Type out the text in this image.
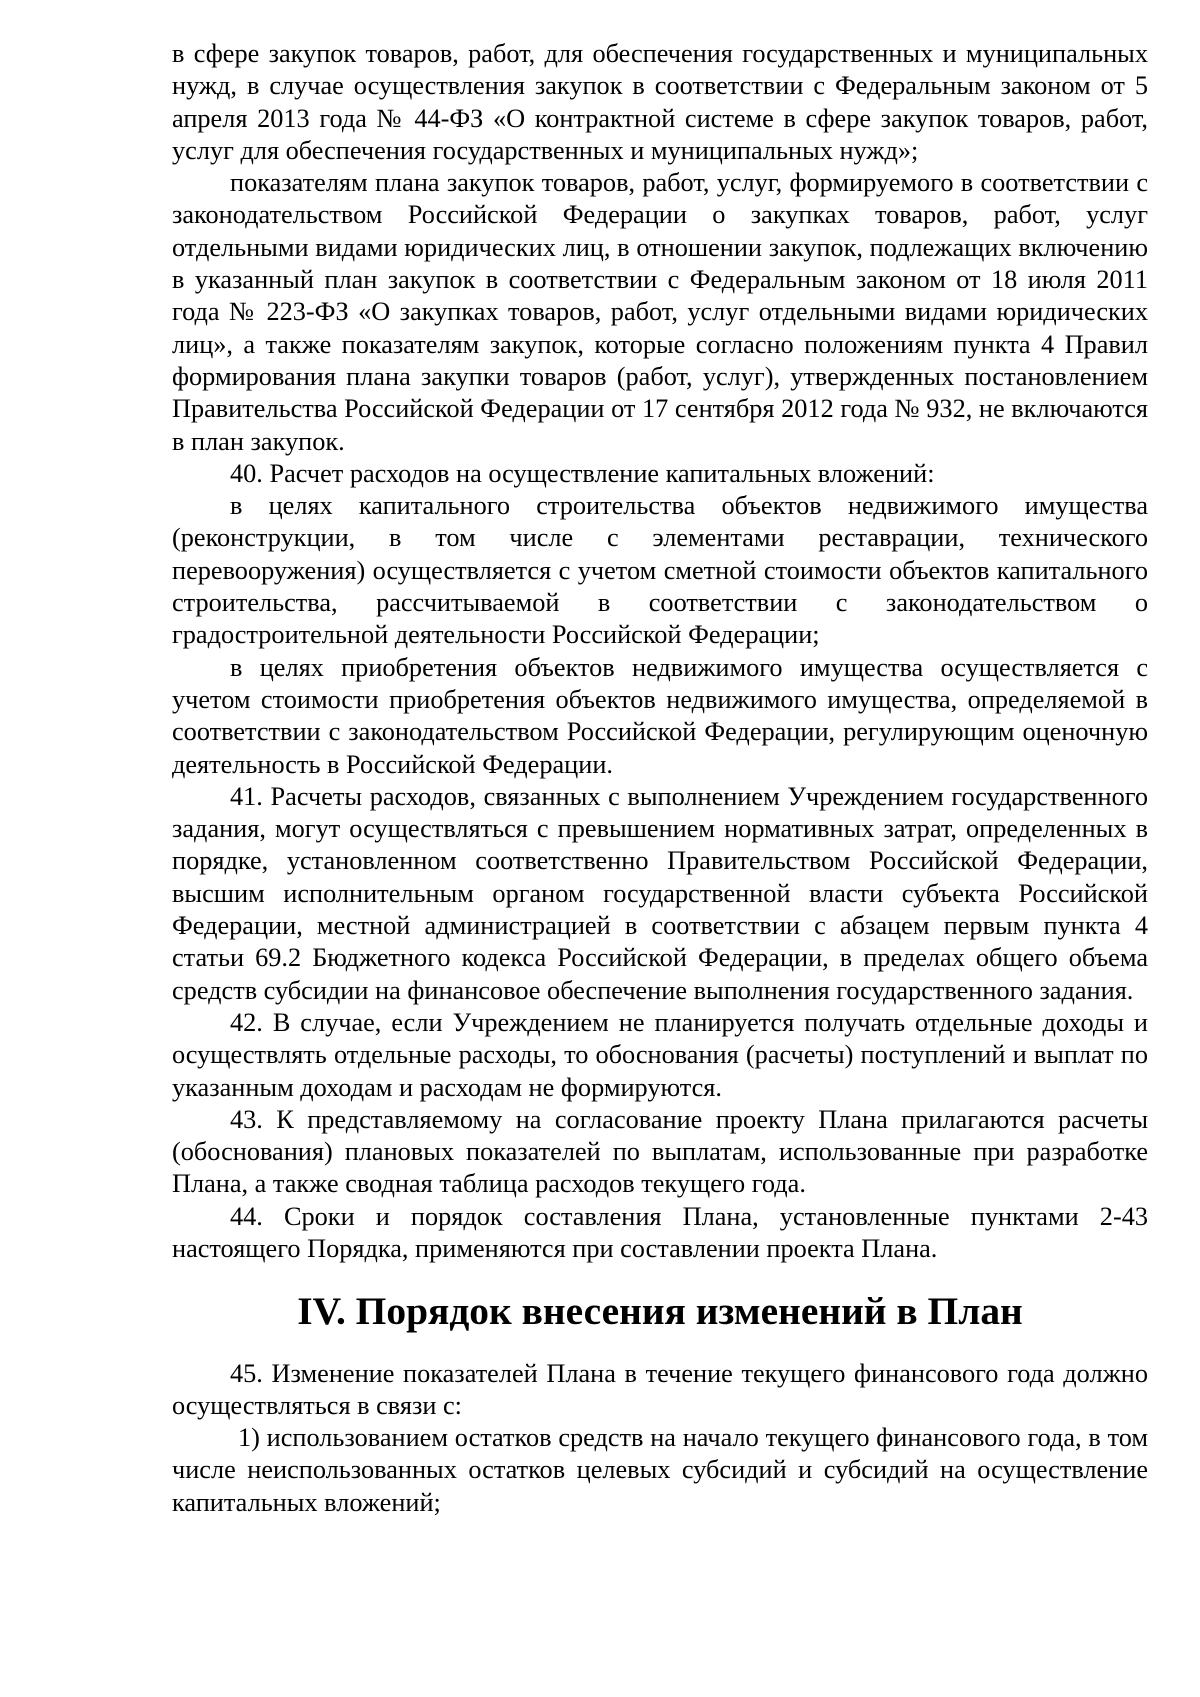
в сфере закупок товаров, работ, для обеспечения государственных и муниципальных нужд, в случае осуществления закупок в соответствии с Федеральным законом от 5 апреля 2013 года № 44-ФЗ «О контрактной системе в сфере закупок товаров, работ, услуг для обеспечения государственных и муниципальных нужд»;

показателям плана закупок товаров, работ, услуг, формируемого в соответствии с законодательством Российской Федерации о закупках товаров, работ, услуг отдельными видами юридических лиц, в отношении закупок, подлежащих включению в указанный план закупок в соответствии с Федеральным законом от 18 июля 2011 года № 223-ФЗ «О закупках товаров, работ, услуг отдельными видами юридических лиц», а также показателям закупок, которые согласно положениям пункта 4 Правил формирования плана закупки товаров (работ, услуг), утвержденных постановлением Правительства Российской Федерации от 17 сентября 2012 года № 932, не включаются в план закупок.

40. Расчет расходов на осуществление капитальных вложений:

в целях капитального строительства объектов недвижимого имущества (реконструкции, в том числе с элементами реставрации, технического перевооружения) осуществляется с учетом сметной стоимости объектов капитального строительства, рассчитываемой в соответствии с законодательством о градостроительной деятельности Российской Федерации;

в целях приобретения объектов недвижимого имущества осуществляется с учетом стоимости приобретения объектов недвижимого имущества, определяемой в соответствии с законодательством Российской Федерации, регулирующим оценочную деятельность в Российской Федерации.

41. Расчеты расходов, связанных с выполнением Учреждением государственного задания, могут осуществляться с превышением нормативных затрат, определенных в порядке, установленном соответственно Правительством Российской Федерации, высшим исполнительным органом государственной власти субъекта Российской Федерации, местной администрацией в соответствии с абзацем первым пункта 4 статьи 69.2 Бюджетного кодекса Российской Федерации, в пределах общего объема средств субсидии на финансовое обеспечение выполнения государственного задания.

42. В случае, если Учреждением не планируется получать отдельные доходы и осуществлять отдельные расходы, то обоснования (расчеты) поступлений и выплат по указанным доходам и расходам не формируются.

43. К представляемому на согласование проекту Плана прилагаются расчеты (обоснования) плановых показателей по выплатам, использованные при разработке Плана, а также сводная таблица расходов текущего года.

44. Сроки и порядок составления Плана, установленные пунктами 2-43 настоящего Порядка, применяются при составлении проекта Плана.

IV. Порядок внесения изменений в План

45. Изменение показателей Плана в течение текущего финансового года должно осуществляться в связи с:

1) использованием остатков средств на начало текущего финансового года, в том числе неиспользованных остатков целевых субсидий и субсидий на осуществление капитальных вложений;
